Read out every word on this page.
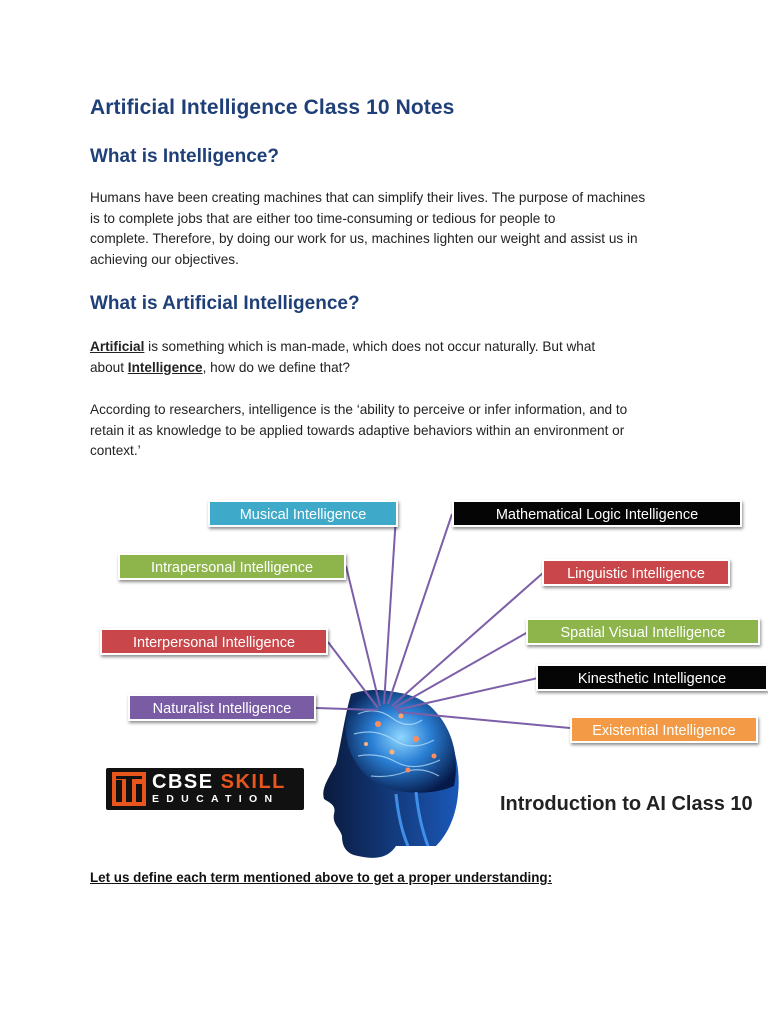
Artificial Intelligence Class 10 Notes
What is Intelligence?

Humans have been creating machines that can simplify their lives. The purpose of machines
is to complete jobs that are either too time-consuming or tedious for people to
complete. Therefore, by doing our work for us, machines lighten our weight and assist us in
achieving our objectives.

What is Artificial Intelligence?

Artificial is something which is man-made, which does not occur naturally. But what
about Intelligence, how do we define that?

According to researchers, intelligence is the ‘ability to perceive or infer information, and to
retain it as knowledge to be applied towards adaptive behaviors within an environment or
context.’

Musical Intelligence	Mathematical Logic Intelligence
Intrapersonal Intelligence	Linguistic Intelligence
Interpersonal Intelligence
Spatial Visual Intelligence
Kinesthetic Intelligence
Naturalist Intelligence
Existential Intelligence
CBSE SKILL
EDUCATION	Introduction to AI Class 10

Let us define each term mentioned above to get a proper understanding:
